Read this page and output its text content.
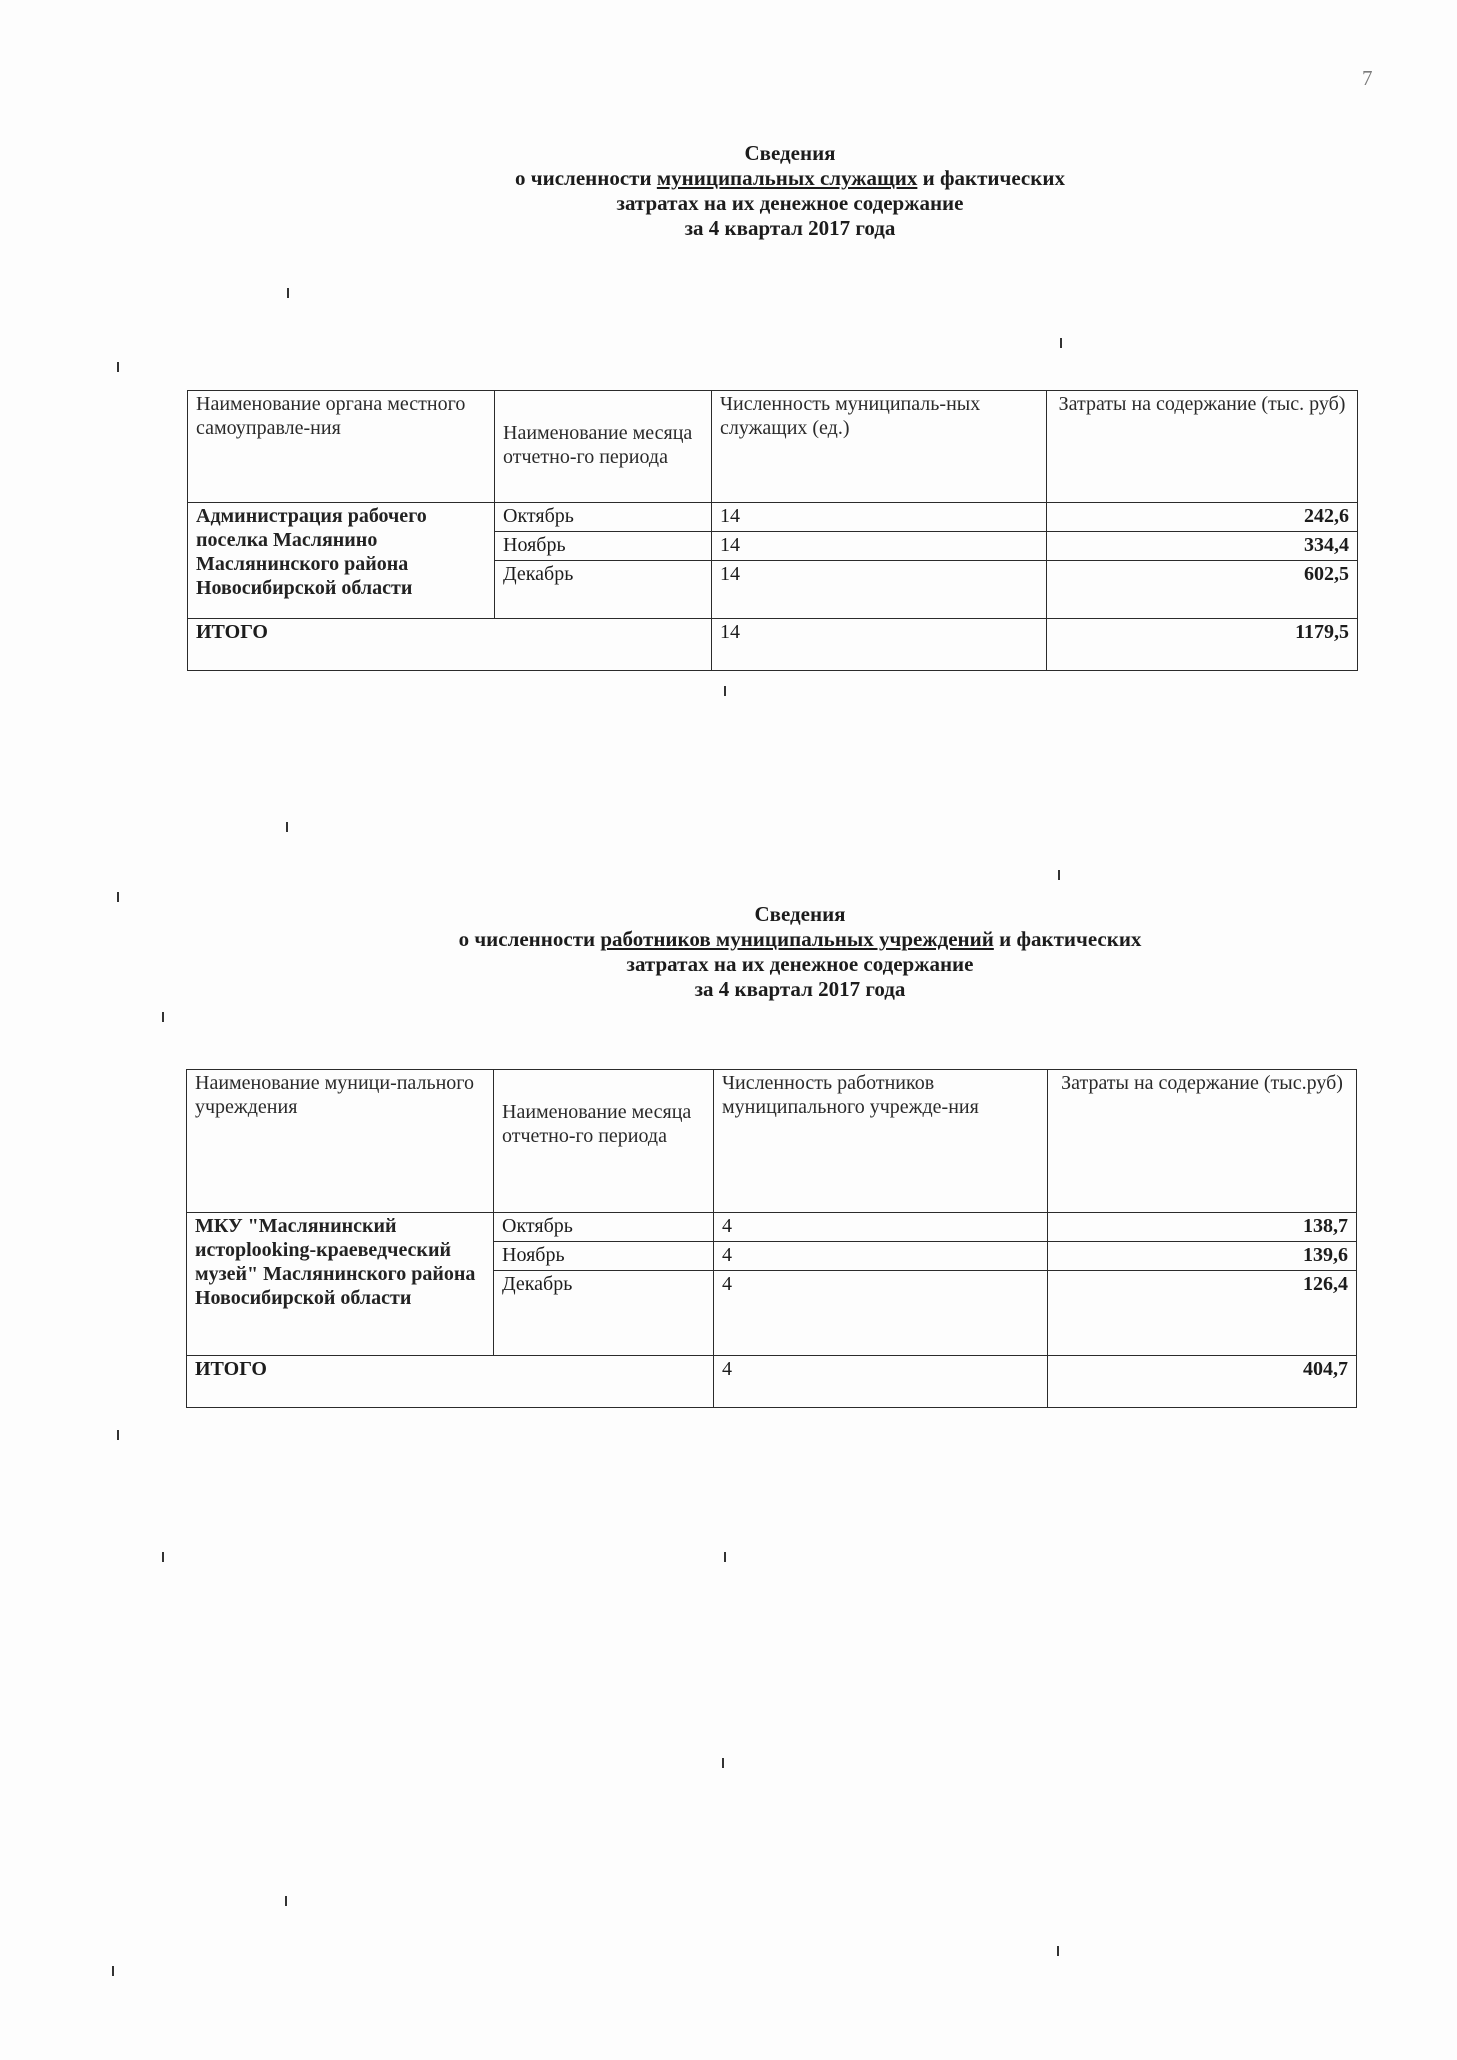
7
Сведения
о численности муниципальных служащих и фактических
затратах на их денежное содержание
за 4 квартал 2017 года
Наименование органа местного самоуправле-ния	Наименование месяца отчетно-го периода	Численность муниципаль-ных служащих (ед.)	Затраты на содержание (тыс. руб)
Администрация рабочего поселка Маслянино Маслянинского района Новосибирской области	Октябрь	14	242,6
	Ноябрь	14	334,4
	Декабрь	14	602,5
ИТОГО		14	1179,5
Сведения
о численности работников муниципальных учреждений и фактических
затратах на их денежное содержание
за 4 квартал 2017 года
Наименование муници-пального учреждения	Наименование месяца отчетно-го периода	Численность работников муниципального учрежде-ния	Затраты на содержание (тыс.руб)
МКУ "Маслянинский исторlooking-краеведческий музей" Маслянинского района Новосибирской области	Октябрь	4	138,7
	Ноябрь	4	139,6
	Декабрь	4	126,4
ИТОГО		4	404,7
